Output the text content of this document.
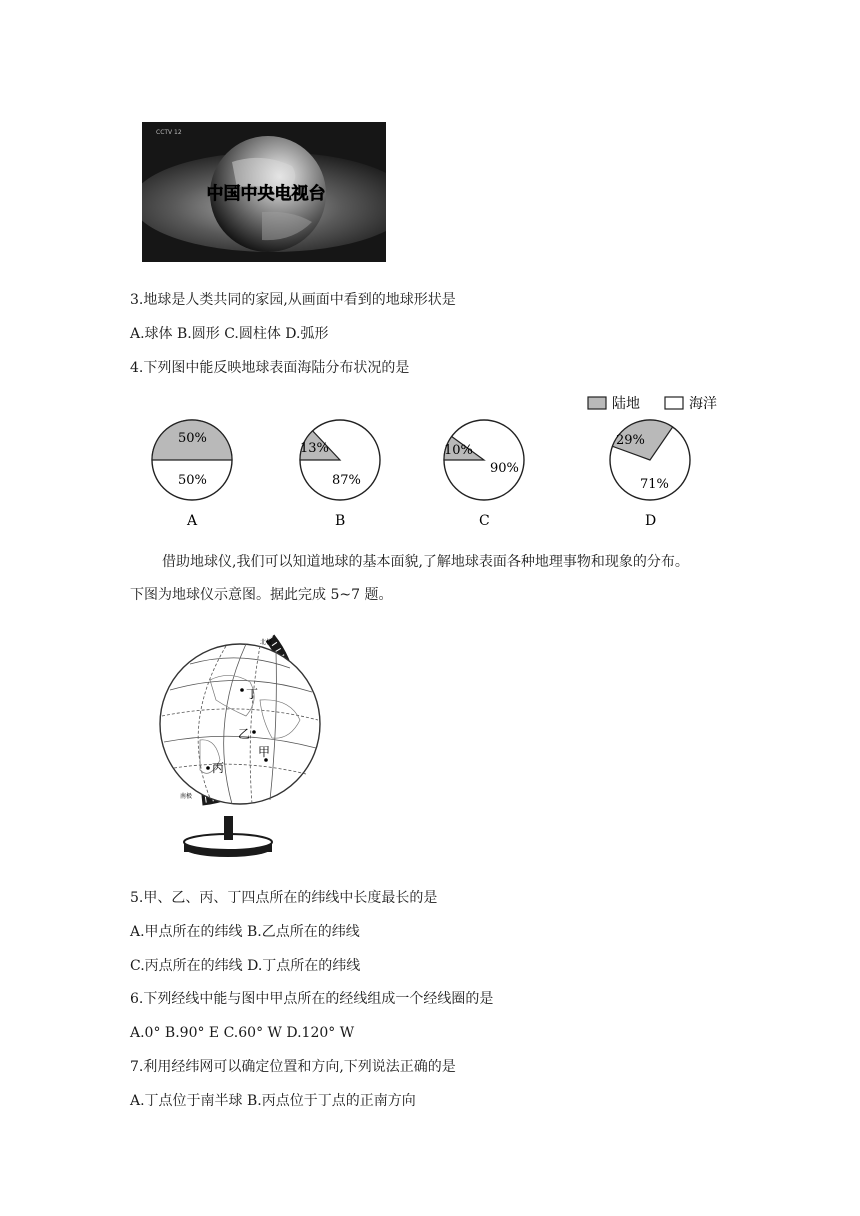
CCTV 12
中国中央电视台
3.地球是人类共同的家园,从画面中看到的地球形状是
A.球体 B.圆形 C.圆柱体 D.弧形
4.下列图中能反映地球表面海陆分布状况的是
陆地	海洋
50%
50%
A
13%
87%
B
10%
90%
C
29%
71%
D
借助地球仪,我们可以知道地球的基本面貌,了解地球表面各种地理事物和现象的分布。
下图为地球仪示意图。据此完成 5~7 题。
北极
南极
丁
乙
甲
丙
5.甲、乙、丙、丁四点所在的纬线中长度最长的是
A.甲点所在的纬线 B.乙点所在的纬线
C.丙点所在的纬线 D.丁点所在的纬线
6.下列经线中能与图中甲点所在的经线组成一个经线圈的是
A.0° B.90° E C.60° W D.120° W
7.利用经纬网可以确定位置和方向,下列说法正确的是
A.丁点位于南半球 B.丙点位于丁点的正南方向
